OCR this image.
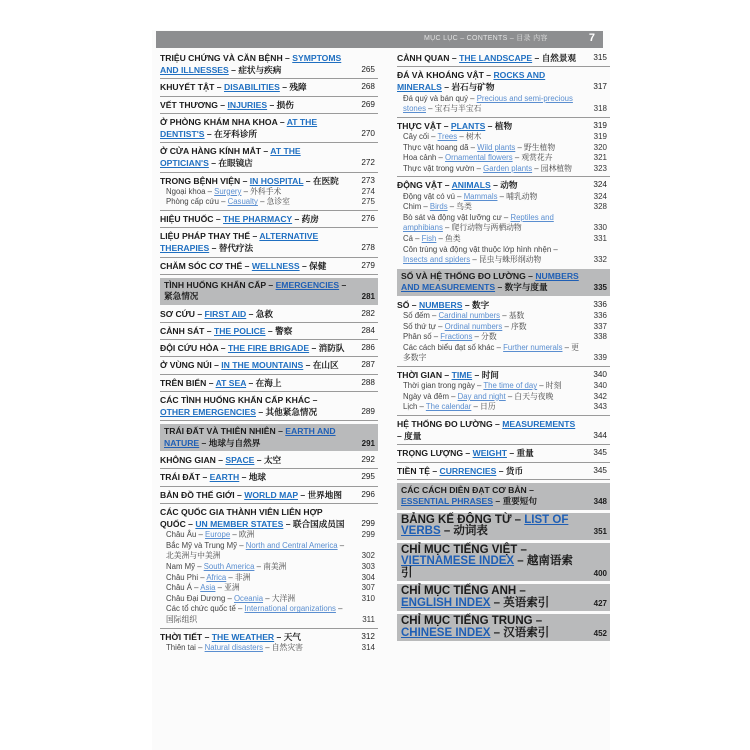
MỤC LỤC – CONTENTS – 目录 内容	7
TRIỆU CHỨNG VÀ CĂN BỆNH – SYMPTOMS AND ILLNESSES – 症状与疾病	265
KHUYẾT TẬT – DISABILITIES – 残障	268
VẾT THƯƠNG – INJURIES – 损伤	269
Ở PHÒNG KHÁM NHA KHOA – AT THE DENTIST'S – 在牙科诊所	270
Ở CỬA HÀNG KÍNH MẮT – AT THE OPTICIAN'S – 在眼镜店	272
TRONG BỆNH VIỆN – IN HOSPITAL – 在医院	273
Ngoại khoa – Surgery – 外科手术	274
Phòng cấp cứu – Casualty – 急诊室	275
HIỆU THUỐC – THE PHARMACY – 药房	276
LIỆU PHÁP THAY THẾ – ALTERNATIVE THERAPIES – 替代疗法	278
CHĂM SÓC CƠ THỂ – WELLNESS – 保健	279
TÌNH HUỐNG KHẨN CẤP – EMERGENCIES – 紧急情况	281
SƠ CỨU – FIRST AID – 急救	282
CẢNH SÁT – THE POLICE – 警察	284
ĐỘI CỨU HỎA – THE FIRE BRIGADE – 消防队 286
Ở VÙNG NÚI – IN THE MOUNTAINS – 在山区	287
TRÊN BIỂN – AT SEA – 在海上	288
CÁC TÌNH HUỐNG KHẨN CẤP KHÁC – OTHER EMERGENCIES – 其他紧急情况	289
TRÁI ĐẤT VÀ THIÊN NHIÊN – EARTH AND NATURE – 地球与自然界	291
KHÔNG GIAN – SPACE – 太空	292
TRÁI ĐẤT – EARTH – 地球	295
BẢN ĐỒ THẾ GIỚI – WORLD MAP – 世界地图 296
CÁC QUỐC GIA THÀNH VIÊN LIÊN HỢP QUỐC – UN MEMBER STATES – 联合国成员国 299
Châu Âu – Europe – 欧洲	299
Bắc Mỹ và Trung Mỹ – North and Central America – 北美洲与中美洲	302
Nam Mỹ – South America – 南美洲	303
Châu Phi – Africa – 非洲	304
Châu Á – Asia – 亚洲	307
Châu Đại Dương – Oceania – 大洋洲	310
Các tổ chức quốc tế – International organizations – 国际组织	311
THỜI TIẾT – THE WEATHER – 天气	312
Thiên tai – Natural disasters – 自然灾害	314
CẢNH QUAN – THE LANDSCAPE – 自然景观 315
ĐÁ VÀ KHOÁNG VẬT – ROCKS AND MINERALS – 岩石与矿物	317
Đá quý và bán quý – Precious and semi-precious stones – 宝石与半宝石	318
THỰC VẬT – PLANTS – 植物	319
Cây cối – Trees – 树木	319
Thực vật hoang dã – Wild plants – 野生植物	320
Hoa cảnh – Ornamental flowers – 观赏花卉	321
Thực vật trong vườn – Garden plants – 园林植物	323
ĐỘNG VẬT – ANIMALS – 动物	324
Động vật có vú – Mammals – 哺乳动物	324
Chim – Birds – 鸟类	328
Bò sát và động vật lưỡng cư – Reptiles and amphibians – 爬行动物与两栖动物	330
Cá – Fish – 鱼类	331
Côn trùng và động vật thuộc lớp hình nhện – Insects and spiders – 昆虫与蛛形纲动物	332
SỐ VÀ HỆ THỐNG ĐO LƯỜNG – NUMBERS AND MEASUREMENTS – 数字与度量	335
SỐ – NUMBERS – 数字	336
Số đếm – Cardinal numbers – 基数	336
Số thứ tự – Ordinal numbers – 序数	337
Phân số – Fractions – 分数	338
Các cách biểu đạt số khác – Further numerals – 更多数字	339
THỜI GIAN – TIME – 时间	340
Thời gian trong ngày – The time of day – 时刻	340
Ngày và đêm – Day and night – 白天与夜晚	342
Lịch – The calendar – 日历	343
HỆ THỐNG ĐO LƯỜNG – MEASUREMENTS – 度量	344
TRỌNG LƯỢNG – WEIGHT – 重量	345
TIỀN TỆ – CURRENCIES – 货币	345
CÁC CÁCH DIỄN ĐẠT CƠ BẢN – ESSENTIAL PHRASES – 重要短句	348
BẢNG KẾ ĐỘNG TỪ – LIST OF VERBS – 动词表	351
CHỈ MỤC TIẾNG VIỆT – VIETNAMESE INDEX – 越南语索引	400
CHỈ MỤC TIẾNG ANH – ENGLISH INDEX – 英语索引	427
CHỈ MỤC TIẾNG TRUNG – CHINESE INDEX – 汉语索引	452
